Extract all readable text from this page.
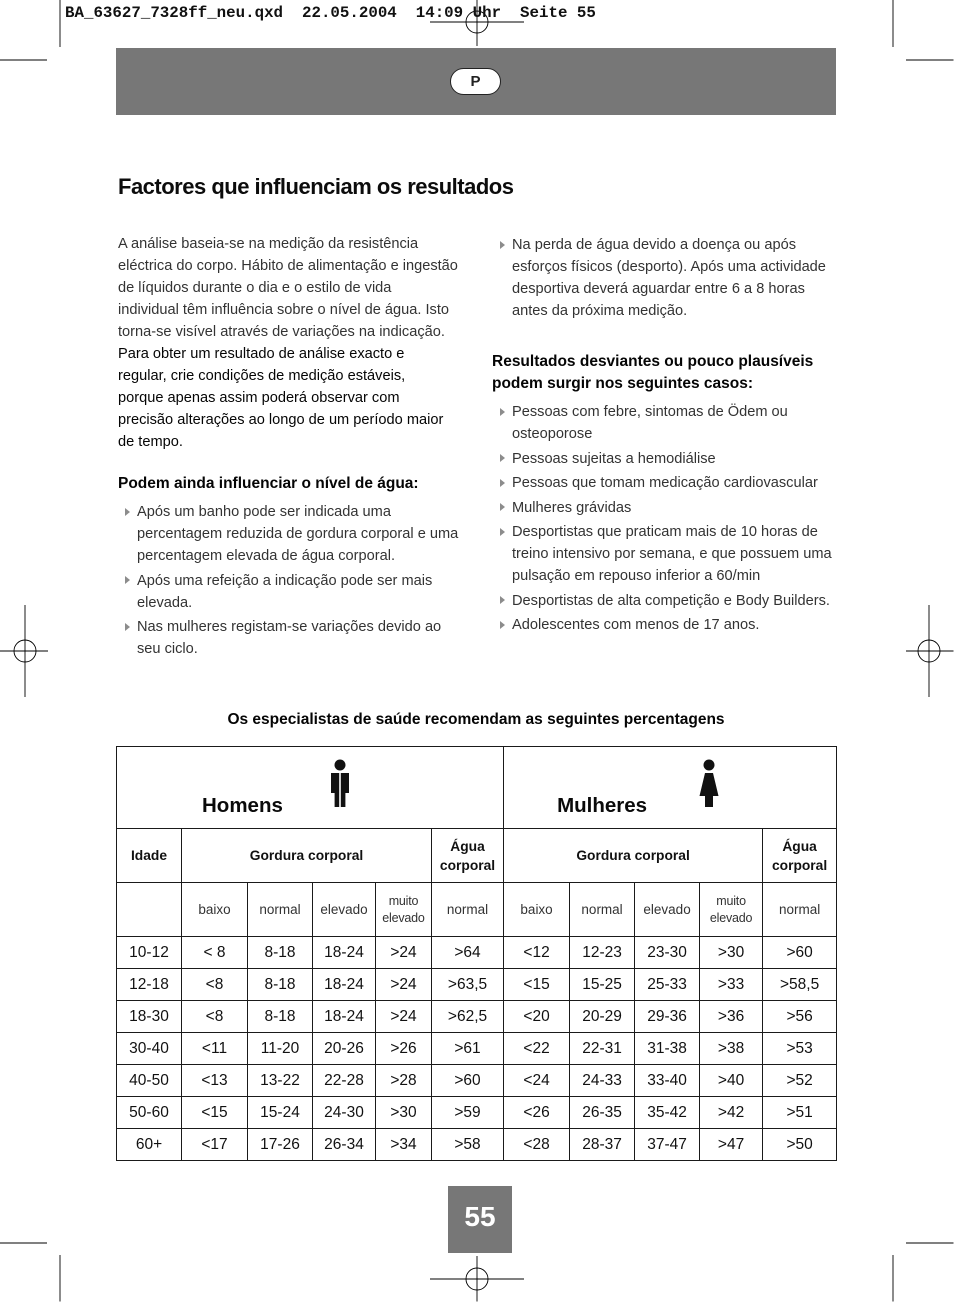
BA_63627_7328ff_neu.qxd  22.05.2004  14:09 Uhr  Seite 55
P
Factores que influenciam os resultados

A análise baseia-se na medição da resistência
eléctrica do corpo. Hábito de alimentação e ingestão
de líquidos durante o dia e o estilo de vida
individual têm influência sobre o nível de água. Isto
torna-se visível através de variações na indicação.

Para obter um resultado de análise exacto e
regular, crie condições de medição estáveis,
porque apenas assim poderá observar com
precisão alterações ao longo de um período maior
de tempo.

Podem ainda influenciar o nível de água:

Após um banho pode ser indicada uma
percentagem reduzida de gordura corporal e uma
percentagem elevada de água corporal.
Após uma refeição a indicação pode ser mais
elevada.
Nas mulheres registam-se variações devido ao
seu ciclo.
Na perda de água devido a doença ou após
esforços físicos (desporto). Após uma actividade
desportiva deverá aguardar entre 6 a 8 horas
antes da próxima medição.

Resultados desviantes ou pouco plausíveis
podem surgir nos seguintes casos:

Pessoas com febre, sintomas de Ödem ou
osteoporose
Pessoas sujeitas a hemodiálise
Pessoas que tomam medicação cardiovascular
Mulheres grávidas
Desportistas que praticam mais de 10 horas de
treino intensivo por semana, e que possuem uma
pulsação em repouso inferior a 60/min
Desportistas de alta competição e Body Builders.
Adolescentes com menos de 17 anos.

Os especialistas de saúde recomendam as seguintes percentagens

Homens						Mulheres				

Idade	Gordura corporal				Água corporal	Gordura corporal				Água corporal
	baixo	normal	elevado	muito elevado	normal	baixo	normal	elevado	muito elevado	normal
10-12	< 8	8-18	18-24	>24	>64	<12	12-23	23-30	>30	>60
12-18	<8	8-18	18-24	>24	>63,5	<15	15-25	25-33	>33	>58,5
18-30	<8	8-18	18-24	>24	>62,5	<20	20-29	29-36	>36	>56
30-40	<11	11-20	20-26	>26	>61	<22	22-31	31-38	>38	>53
40-50	<13	13-22	22-28	>28	>60	<24	24-33	33-40	>40	>52
50-60	<15	15-24	24-30	>30	>59	<26	26-35	35-42	>42	>51
60+	<17	17-26	26-34	>34	>58	<28	28-37	37-47	>47	>50
55
